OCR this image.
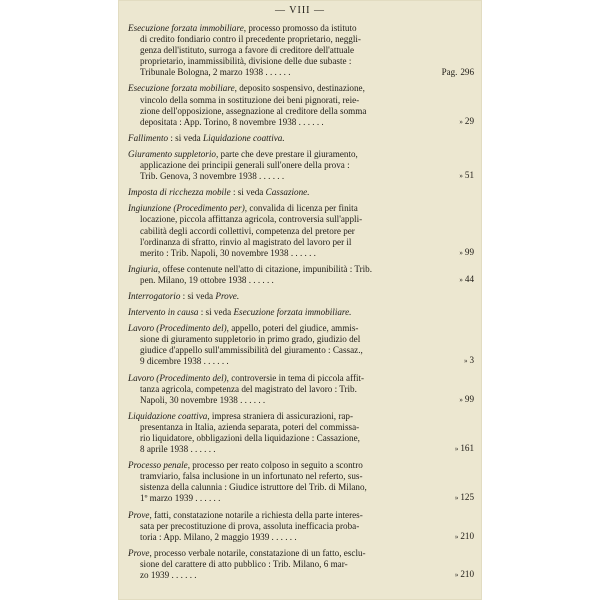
— VIII —
Esecuzione forzata immobiliare, processo promosso da istituto
di credito fondiario contro il precedente proprietario, neggli-
genza dell'istituto, surroga a favore di creditore dell'attuale
proprietario, inammissibilità, divisione delle due subaste :
Tribunale Bologna, 2 marzo 1938 . . . . . .	Pag. 296
Esecuzione forzata mobiliare, deposito sospensivo, destinazione,
vincolo della somma in sostituzione dei beni pignorati, reie-
zione dell'opposizione, assegnazione al creditore della somma
depositata : App. Torino, 8 novembre 1938 . . . . . .	» 29
Fallimento : si veda Liquidazione coattiva.
Giuramento suppletorio, parte che deve prestare il giuramento,
applicazione dei principii generali sull'onere della prova :
Trib. Genova, 3 novembre 1938 . . . . . .	» 51
Imposta di ricchezza mobile : si veda Cassazione.
Ingiunzione (Procedimento per), convalida di licenza per finita
locazione, piccola affittanza agricola, controversia sull'appli-
cabilità degli accordi collettivi, competenza del pretore per
l'ordinanza di sfratto, rinvio al magistrato del lavoro per il
merito : Trib. Napoli, 30 novembre 1938 . . . . . .	» 99
Ingiuria, offese contenute nell'atto di citazione, impunibilità : Trib.
pen. Milano, 19 ottobre 1938 . . . . . .	» 44
Interrogatorio : si veda Prove.
Intervento in causa : si veda Esecuzione forzata immobiliare.
Lavoro (Procedimento del), appello, poteri del giudice, ammis-
sione di giuramento suppletorio in primo grado, giudizio del
giudice d'appello sull'ammissibilità del giuramento : Cassaz.,
9 dicembre 1938 . . . . . .	» 3
Lavoro (Procedimento del), controversie in tema di piccola affit-
tanza agricola, competenza del magistrato del lavoro : Trib.
Napoli, 30 novembre 1938 . . . . . .	» 99
Liquidazione coattiva, impresa straniera di assicurazioni, rap-
presentanza in Italia, azienda separata, poteri del commissa-
rio liquidatore, obbligazioni della liquidazione : Cassazione,
8 aprile 1938 . . . . . .	» 161
Processo penale, processo per reato colposo in seguito a scontro
tramviario, falsa inclusione in un infortunato nel referto, sus-
sistenza della calunnia : Giudice istruttore del Trib. di Milano,
1º marzo 1939 . . . . . .	» 125
Prove, fatti, constatazione notarile a richiesta della parte interes-
sata per precostituzione di prova, assoluta inefficacia proba-
toria : App. Milano, 2 maggio 1939 . . . . . .	» 210
Prove, processo verbale notarile, constatazione di un fatto, esclu-
sione del carattere di atto pubblico : Trib. Milano, 6 mar-
zo 1939 . . . . . .	» 210
